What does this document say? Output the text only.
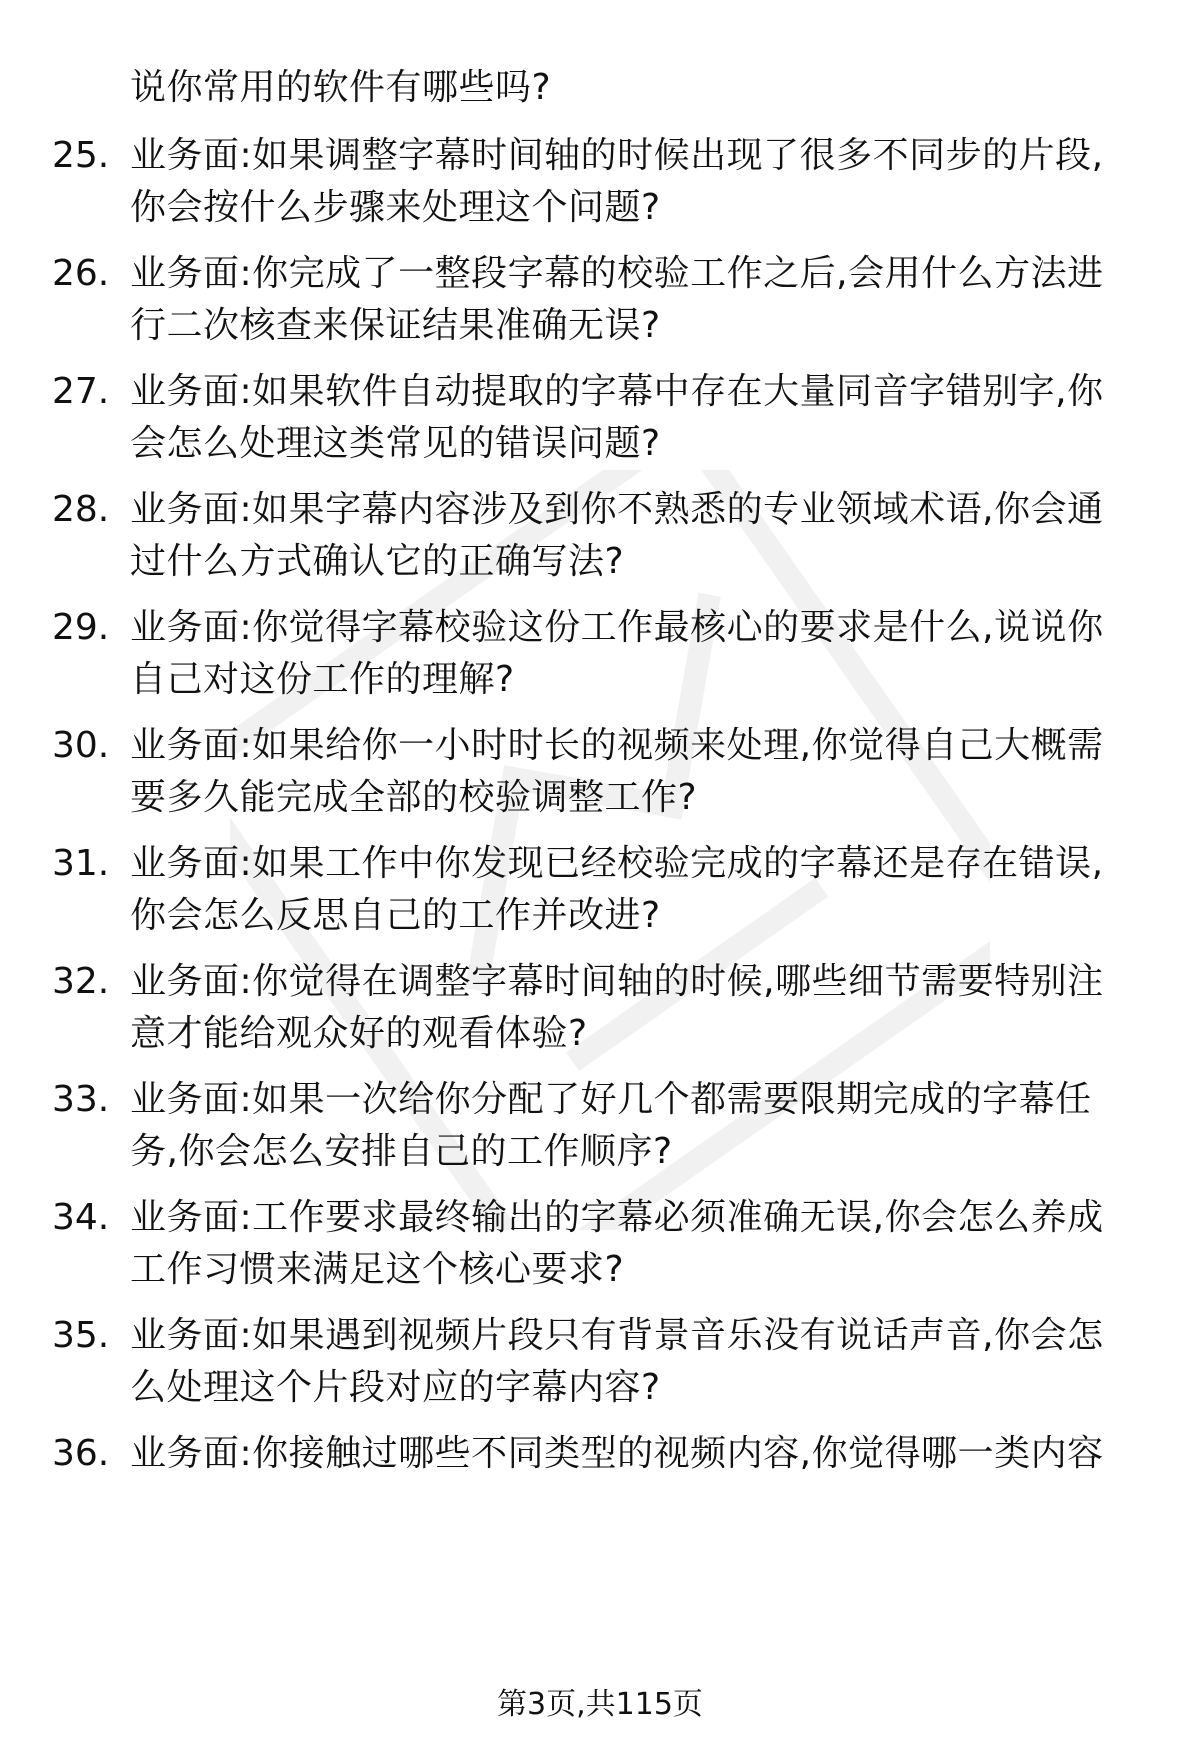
说你常用的软件有哪些吗?
25. 业务面:如果调整字幕时间轴的时候出现了很多不同步的片段,
你会按什么步骤来处理这个问题?
26. 业务面:你完成了一整段字幕的校验工作之后,会用什么方法进
行二次核查来保证结果准确无误?
27. 业务面:如果软件自动提取的字幕中存在大量同音字错别字,你
会怎么处理这类常见的错误问题?
28. 业务面:如果字幕内容涉及到你不熟悉的专业领域术语,你会通
过什么方式确认它的正确写法?
29. 业务面:你觉得字幕校验这份工作最核心的要求是什么,说说你
自己对这份工作的理解?
30. 业务面:如果给你一小时时长的视频来处理,你觉得自己大概需
要多久能完成全部的校验调整工作?
31. 业务面:如果工作中你发现已经校验完成的字幕还是存在错误,
你会怎么反思自己的工作并改进?
32. 业务面:你觉得在调整字幕时间轴的时候,哪些细节需要特别注
意才能给观众好的观看体验?
33. 业务面:如果一次给你分配了好几个都需要限期完成的字幕任
务,你会怎么安排自己的工作顺序?
34. 业务面:工作要求最终输出的字幕必须准确无误,你会怎么养成
工作习惯来满足这个核心要求?
35. 业务面:如果遇到视频片段只有背景音乐没有说话声音,你会怎
么处理这个片段对应的字幕内容?
36. 业务面:你接触过哪些不同类型的视频内容,你觉得哪一类内容
第3页,共115页
